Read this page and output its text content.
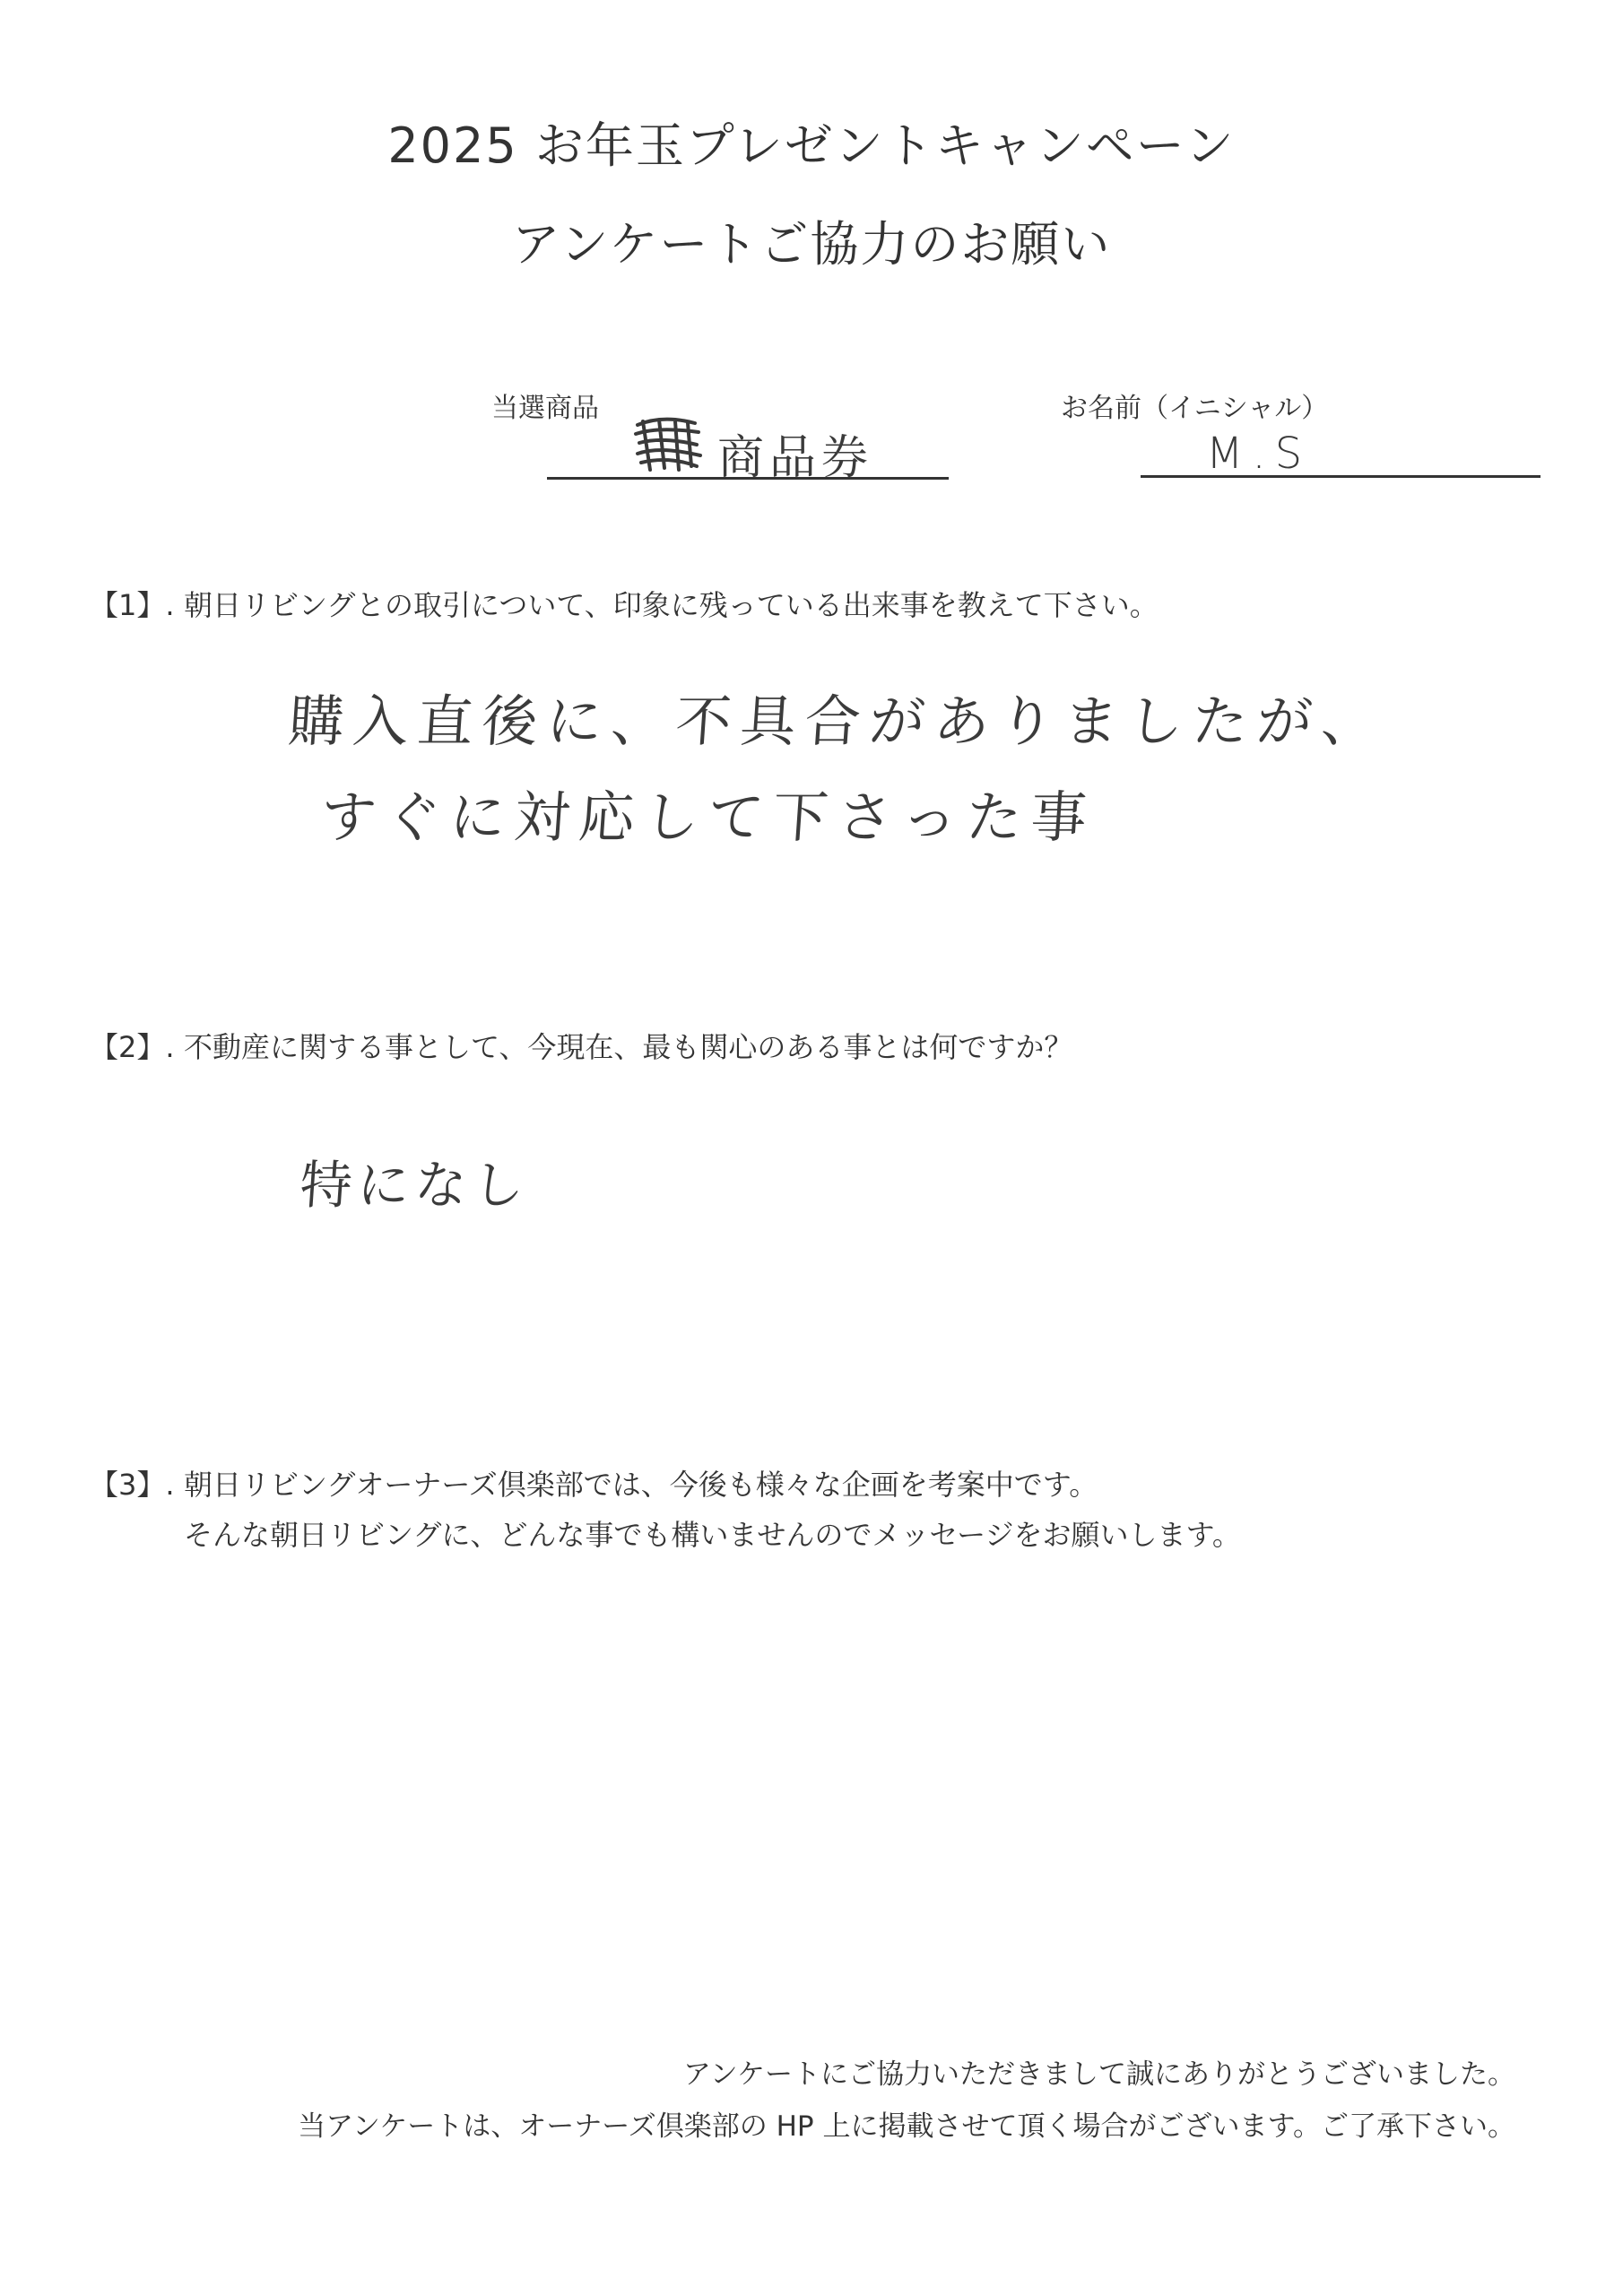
2025 お年玉プレゼントキャンペーン
アンケートご協力のお願い
当選商品
商品券
お名前（イニシャル）
M.S
【1】. 朝日リビングとの取引について、印象に残っている出来事を教えて下さい。
購入直後に、不具合がありましたが、
すぐに対応して下さった事
【2】. 不動産に関する事として、今現在、最も関心のある事とは何ですか？
特になし
【3】. 朝日リビングオーナーズ倶楽部では、今後も様々な企画を考案中です。
そんな朝日リビングに、どんな事でも構いませんのでメッセージをお願いします。
アンケートにご協力いただきまして誠にありがとうございました。
当アンケートは、オーナーズ倶楽部の HP 上に掲載させて頂く場合がございます。ご了承下さい。
